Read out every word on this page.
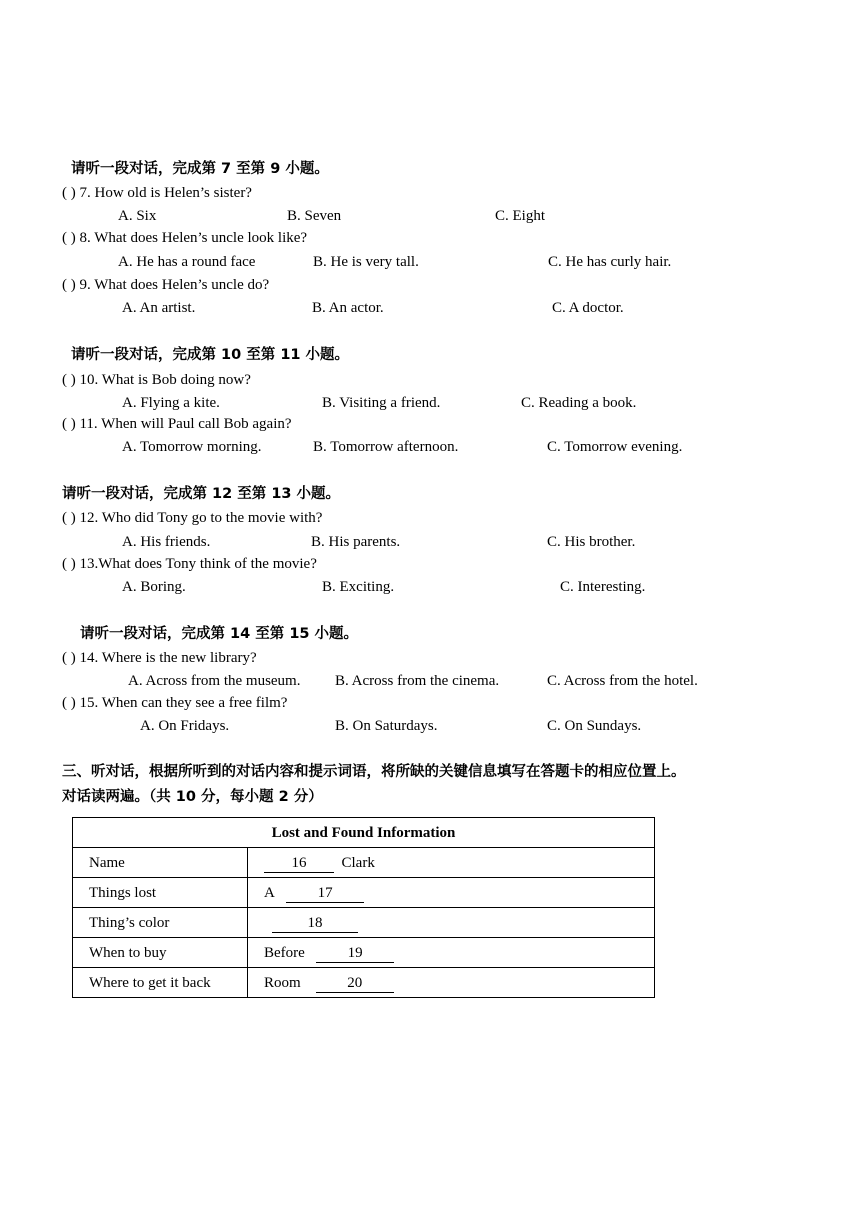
请听一段对话，完成第 7 至第 9 小题。
( ) 7. How old is Helen’s sister?
A. Six	B. Seven	C. Eight
( ) 8. What does Helen’s uncle look like?
A. He has a round face	B. He is very tall.	C. He has curly hair.
( ) 9. What does Helen’s uncle do?
A. An artist.	B. An actor.	C. A doctor.
请听一段对话，完成第 10 至第 11 小题。
( ) 10. What is Bob doing now?
A. Flying a kite.	B. Visiting a friend.	C. Reading a book.
( ) 11. When will Paul call Bob again?
A. Tomorrow morning.	B. Tomorrow afternoon.	C. Tomorrow evening.
请听一段对话，完成第 12 至第 13 小题。
( ) 12. Who did Tony go to the movie with?
A. His friends.	B. His parents.	C. His brother.
( ) 13.What does Tony think of the movie?
A. Boring.	B. Exciting.	C. Interesting.
请听一段对话，完成第 14 至第 15 小题。
( ) 14. Where is the new library?
A. Across from the museum. B. Across from the cinema.	C. Across from the hotel.
( ) 15. When can they see a free film?
A. On Fridays.	B. On Saturdays.	C. On Sundays.
三、听对话，根据所听到的对话内容和提示词语，将所缺的关键信息填写在答题卡的相应位置上。
对话读两遍。（共 10 分，每小题 2 分）
Lost and Found Information	
Name	16 Clark
Things lost	A 17
Thing’s color	18
When to buy	Before 19
Where to get it back	Room 20
